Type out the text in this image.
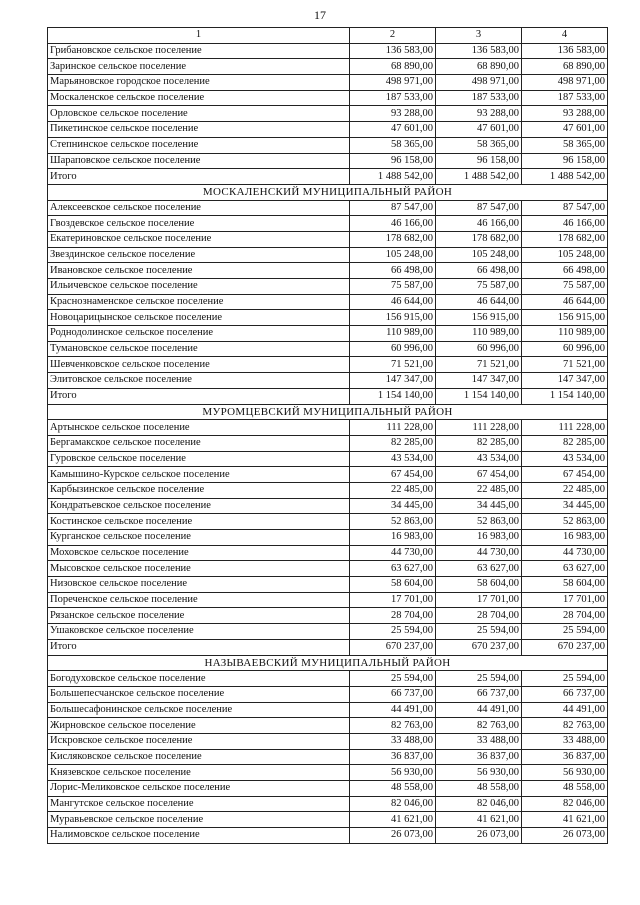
17
1	2	3	4
Грибановское сельское поселение	136 583,00	136 583,00	136 583,00
Заринское сельское поселение	68 890,00	68 890,00	68 890,00
Марьяновское городское поселение	498 971,00	498 971,00	498 971,00
Москаленское сельское поселение	187 533,00	187 533,00	187 533,00
Орловское сельское поселение	93 288,00	93 288,00	93 288,00
Пикетинское сельское поселение	47 601,00	47 601,00	47 601,00
Степнинское сельское поселение	58 365,00	58 365,00	58 365,00
Шараповское сельское поселение	96 158,00	96 158,00	96 158,00
Итого	1 488 542,00	1 488 542,00	1 488 542,00
МОСКАЛЕНСКИЙ МУНИЦИПАЛЬНЫЙ РАЙОН			
Алексеевское сельское поселение	87 547,00	87 547,00	87 547,00
Гвоздевское сельское поселение	46 166,00	46 166,00	46 166,00
Екатериновское сельское поселение	178 682,00	178 682,00	178 682,00
Звездинское сельское поселение	105 248,00	105 248,00	105 248,00
Ивановское сельское поселение	66 498,00	66 498,00	66 498,00
Ильичевское сельское поселение	75 587,00	75 587,00	75 587,00
Краснознаменское сельское поселение	46 644,00	46 644,00	46 644,00
Новоцарицынское сельское поселение	156 915,00	156 915,00	156 915,00
Роднодолинское сельское поселение	110 989,00	110 989,00	110 989,00
Тумановское сельское поселение	60 996,00	60 996,00	60 996,00
Шевченковское сельское поселение	71 521,00	71 521,00	71 521,00
Элитовское сельское поселение	147 347,00	147 347,00	147 347,00
Итого	1 154 140,00	1 154 140,00	1 154 140,00
МУРОМЦЕВСКИЙ МУНИЦИПАЛЬНЫЙ РАЙОН			
Артынское сельское поселение	111 228,00	111 228,00	111 228,00
Бергамакское сельское поселение	82 285,00	82 285,00	82 285,00
Гуровское сельское поселение	43 534,00	43 534,00	43 534,00
Камышино-Курское сельское поселение	67 454,00	67 454,00	67 454,00
Карбызинское сельское поселение	22 485,00	22 485,00	22 485,00
Кондратьевское сельское поселение	34 445,00	34 445,00	34 445,00
Костинское сельское поселение	52 863,00	52 863,00	52 863,00
Курганское сельское поселение	16 983,00	16 983,00	16 983,00
Моховское сельское поселение	44 730,00	44 730,00	44 730,00
Мысовское сельское поселение	63 627,00	63 627,00	63 627,00
Низовское сельское поселение	58 604,00	58 604,00	58 604,00
Пореченское сельское поселение	17 701,00	17 701,00	17 701,00
Рязанское сельское поселение	28 704,00	28 704,00	28 704,00
Ушаковское сельское поселение	25 594,00	25 594,00	25 594,00
Итого	670 237,00	670 237,00	670 237,00
НАЗЫВАЕВСКИЙ МУНИЦИПАЛЬНЫЙ РАЙОН			
Богодуховское сельское поселение	25 594,00	25 594,00	25 594,00
Большепесчанское сельское поселение	66 737,00	66 737,00	66 737,00
Большесафонинское сельское поселение	44 491,00	44 491,00	44 491,00
Жирновское сельское поселение	82 763,00	82 763,00	82 763,00
Искровское сельское поселение	33 488,00	33 488,00	33 488,00
Кисляковское сельское поселение	36 837,00	36 837,00	36 837,00
Князевское сельское поселение	56 930,00	56 930,00	56 930,00
Лорис-Меликовское сельское поселение	48 558,00	48 558,00	48 558,00
Мангутское сельское поселение	82 046,00	82 046,00	82 046,00
Муравьевское сельское поселение	41 621,00	41 621,00	41 621,00
Налимовское сельское поселение	26 073,00	26 073,00	26 073,00
